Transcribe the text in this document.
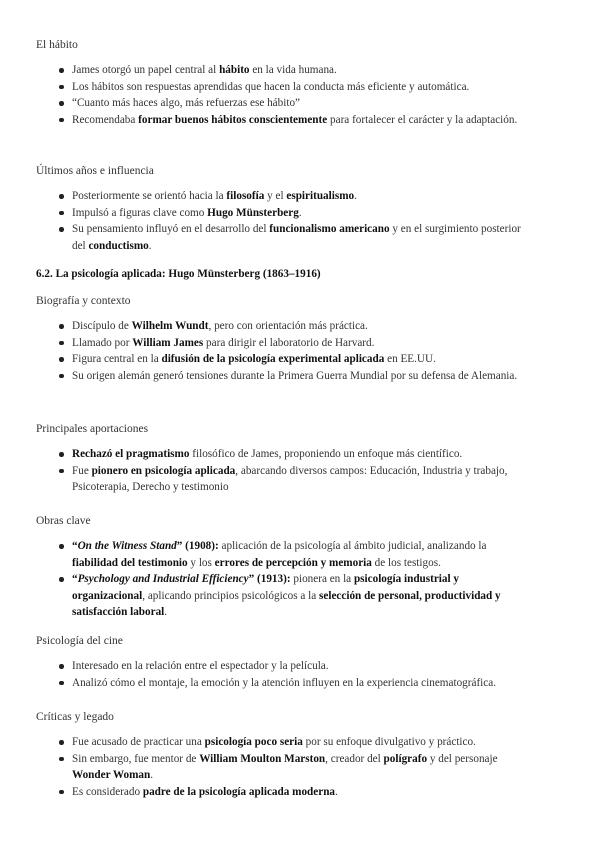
El hábito

James otorgó un papel central al hábito en la vida humana.
Los hábitos son respuestas aprendidas que hacen la conducta más eficiente y automática.
“Cuanto más haces algo, más refuerzas ese hábito”
Recomendaba formar buenos hábitos conscientemente para fortalecer el carácter y la adaptación.

Últimos años e influencia

Posteriormente se orientó hacia la filosofía y el espiritualismo.
Impulsó a figuras clave como Hugo Münsterberg.
Su pensamiento influyó en el desarrollo del funcionalismo americano y en el surgimiento posterior del conductismo.

6.2. La psicología aplicada: Hugo Münsterberg (1863–1916)

Biografía y contexto

Discípulo de Wilhelm Wundt, pero con orientación más práctica.
Llamado por William James para dirigir el laboratorio de Harvard.
Figura central en la difusión de la psicología experimental aplicada en EE.UU.
Su origen alemán generó tensiones durante la Primera Guerra Mundial por su defensa de Alemania.

Principales aportaciones

Rechazó el pragmatismo filosófico de James, proponiendo un enfoque más científico.
Fue pionero en psicología aplicada, abarcando diversos campos: Educación, Industria y trabajo, Psicoterapia, Derecho y testimonio

Obras clave

“On the Witness Stand” (1908): aplicación de la psicología al ámbito judicial, analizando la fiabilidad del testimonio y los errores de percepción y memoria de los testigos.
“Psychology and Industrial Efficiency” (1913): pionera en la psicología industrial y organizacional, aplicando principios psicológicos a la selección de personal, productividad y satisfacción laboral.

Psicología del cine

Interesado en la relación entre el espectador y la película.
Analizó cómo el montaje, la emoción y la atención influyen en la experiencia cinematográfica.

Críticas y legado

Fue acusado de practicar una psicología poco seria por su enfoque divulgativo y práctico.
Sin embargo, fue mentor de William Moulton Marston, creador del polígrafo y del personaje Wonder Woman.
Es considerado padre de la psicología aplicada moderna.
